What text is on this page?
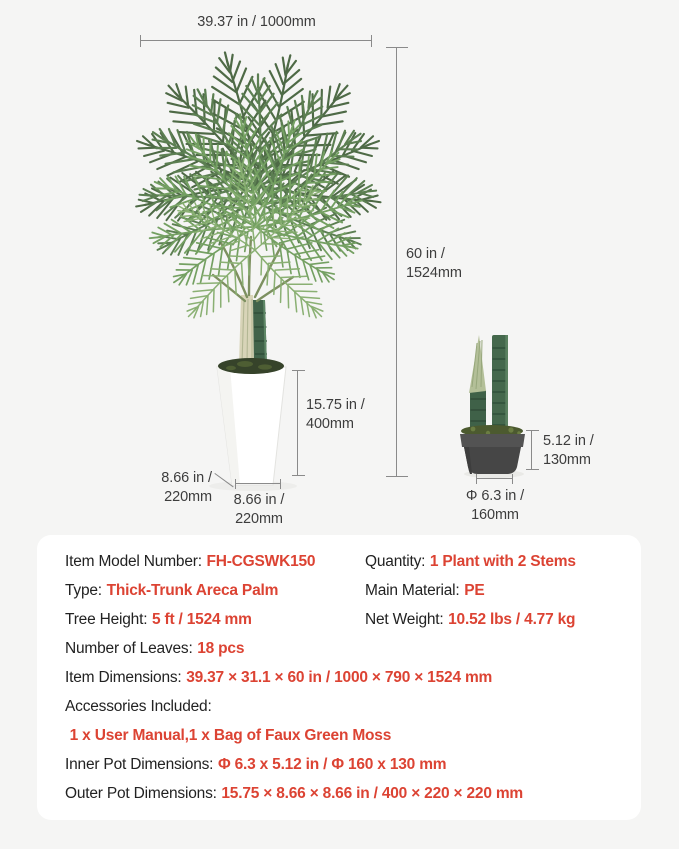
39.37 in / 1000mm
60 in /
1524mm
15.75 in /
400mm
8.66 in /
220mm	8.66 in /
220mm
5.12 in /
130mm
Φ 6.3 in /
160mm
Item Model Number: FH-CGSWK150	Quantity: 1 Plant with 2 Stems
Type: Thick-Trunk Areca Palm	Main Material: PE
Tree Height: 5 ft / 1524 mm	Net Weight: 10.52 lbs / 4.77 kg
Number of Leaves: 18 pcs
Item Dimensions: 39.37 × 31.1 × 60 in / 1000 × 790 × 1524 mm
Accessories Included:
1 x User Manual,1 x Bag of Faux Green Moss
Inner Pot Dimensions: Φ 6.3 x 5.12 in / Φ 160 x 130 mm
Outer Pot Dimensions: 15.75 × 8.66 × 8.66 in / 400 × 220 × 220 mm
